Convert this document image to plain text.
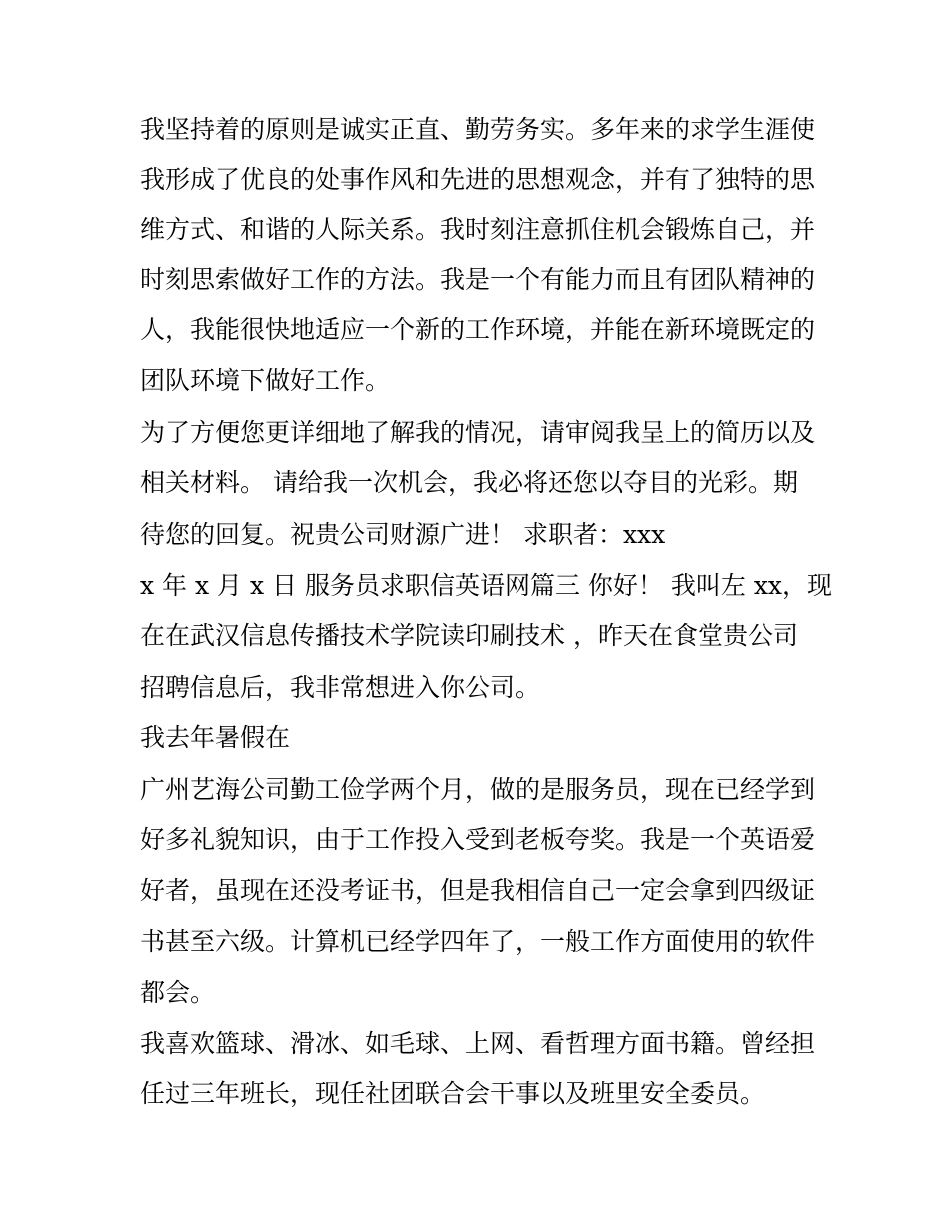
我坚持着的原则是诚实正直、勤劳务实。多年来的求学生涯使
我形成了优良的处事作风和先进的思想观念，并有了独特的思
维方式、和谐的人际关系。我时刻注意抓住机会锻炼自己，并
时刻思索做好工作的方法。我是一个有能力而且有团队精神的
人，我能很快地适应一个新的工作环境，并能在新环境既定的
团队环境下做好工作。
为了方便您更详细地了解我的情况，请审阅我呈上的简历以及
相关材料。 请给我一次机会，我必将还您以夺目的光彩。期
待您的回复。祝贵公司财源广进！ 求职者：xxx
x 年 x 月 x 日 服务员求职信英语网篇三 你好！ 我叫左 xx，现
在在武汉信息传播技术学院读印刷技术 ，昨天在食堂贵公司
招聘信息后，我非常想进入你公司。
我去年暑假在
广州艺海公司勤工俭学两个月，做的是服务员，现在已经学到
好多礼貌知识，由于工作投入受到老板夸奖。我是一个英语爱
好者，虽现在还没考证书，但是我相信自己一定会拿到四级证
书甚至六级。计算机已经学四年了，一般工作方面使用的软件
都会。
我喜欢篮球、滑冰、如毛球、上网、看哲理方面书籍。曾经担
任过三年班长，现任社团联合会干事以及班里安全委员。
